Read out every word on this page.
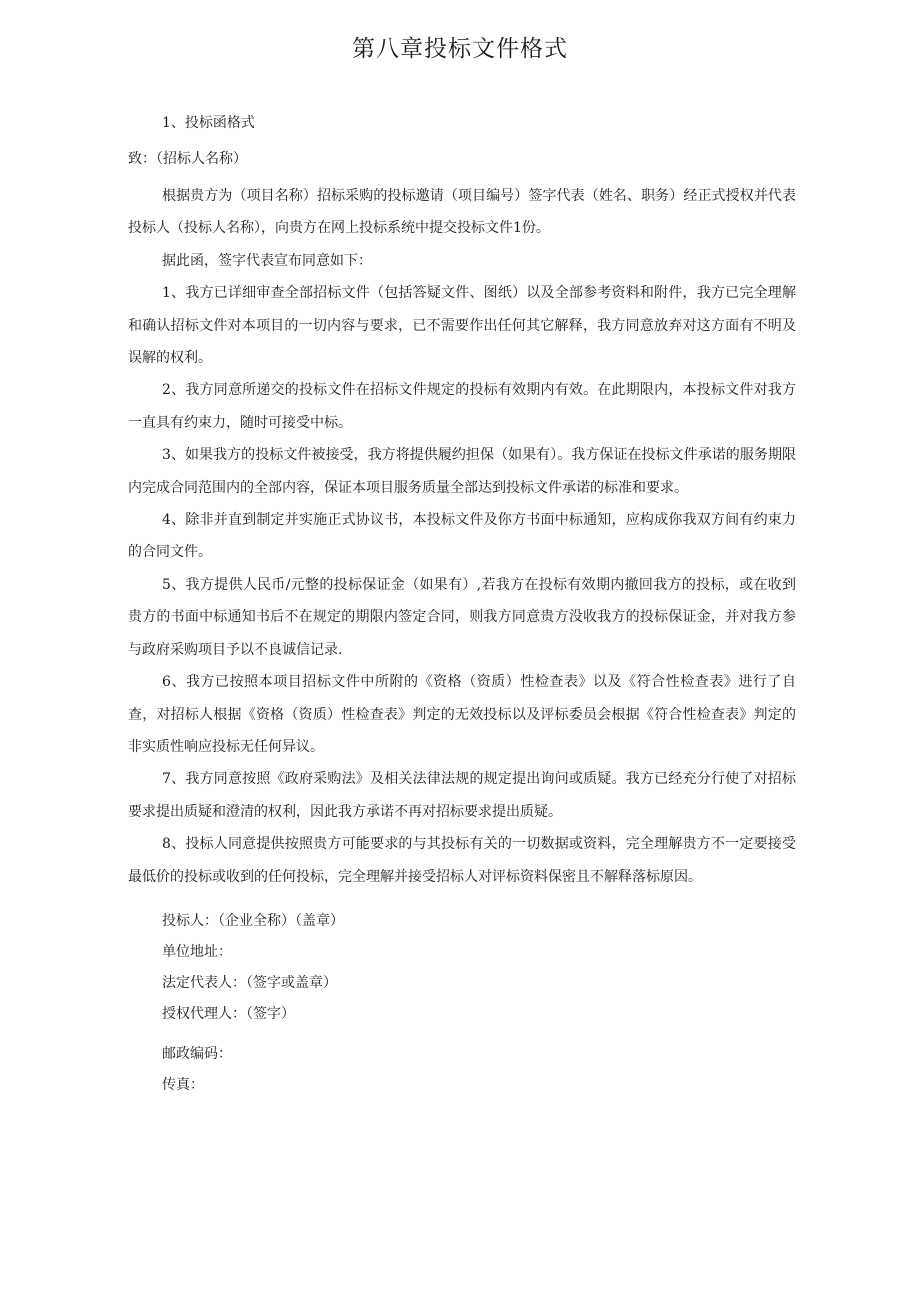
第八章投标文件格式
1、投标函格式
致：（招标人名称）

根据贵方为（项目名称）招标采购的投标邀请（项目编号）签字代表（姓名、职务）经正式授权并代表投标人（投标人名称），向贵方在网上投标系统中提交投标文件1份。

据此函，签字代表宣布同意如下：

1、我方已详细审查全部招标文件（包括答疑文件、图纸）以及全部参考资料和附件，我方已完全理解和确认招标文件对本项目的一切内容与要求，已不需要作出任何其它解释，我方同意放弃对这方面有不明及误解的权利。

2、我方同意所递交的投标文件在招标文件规定的投标有效期内有效。在此期限内，本投标文件对我方一直具有约束力，随时可接受中标。

3、如果我方的投标文件被接受，我方将提供履约担保（如果有）。我方保证在投标文件承诺的服务期限内完成合同范围内的全部内容，保证本项目服务质量全部达到投标文件承诺的标准和要求。

4、除非并直到制定并实施正式协议书，本投标文件及你方书面中标通知，应构成你我双方间有约束力的合同文件。

5、我方提供人民币/元整的投标保证金（如果有）,若我方在投标有效期内撤回我方的投标，或在收到贵方的书面中标通知书后不在规定的期限内签定合同，则我方同意贵方没收我方的投标保证金，并对我方参与政府采购项目予以不良诚信记录.

6、我方已按照本项目招标文件中所附的《资格（资质）性检查表》以及《符合性检查表》进行了自查，对招标人根据《资格（资质）性检查表》判定的无效投标以及评标委员会根据《符合性检查表》判定的非实质性响应投标无任何异议。

7、我方同意按照《政府采购法》及相关法律法规的规定提出询问或质疑。我方已经充分行使了对招标要求提出质疑和澄清的权利，因此我方承诺不再对招标要求提出质疑。

8、投标人同意提供按照贵方可能要求的与其投标有关的一切数据或资料，完全理解贵方不一定要接受最低价的投标或收到的任何投标，完全理解并接受招标人对评标资料保密且不解释落标原因。

投标人：（企业全称）（盖章）
单位地址：
法定代表人：（签字或盖章）
授权代理人：（签字）
邮政编码：
传真：
